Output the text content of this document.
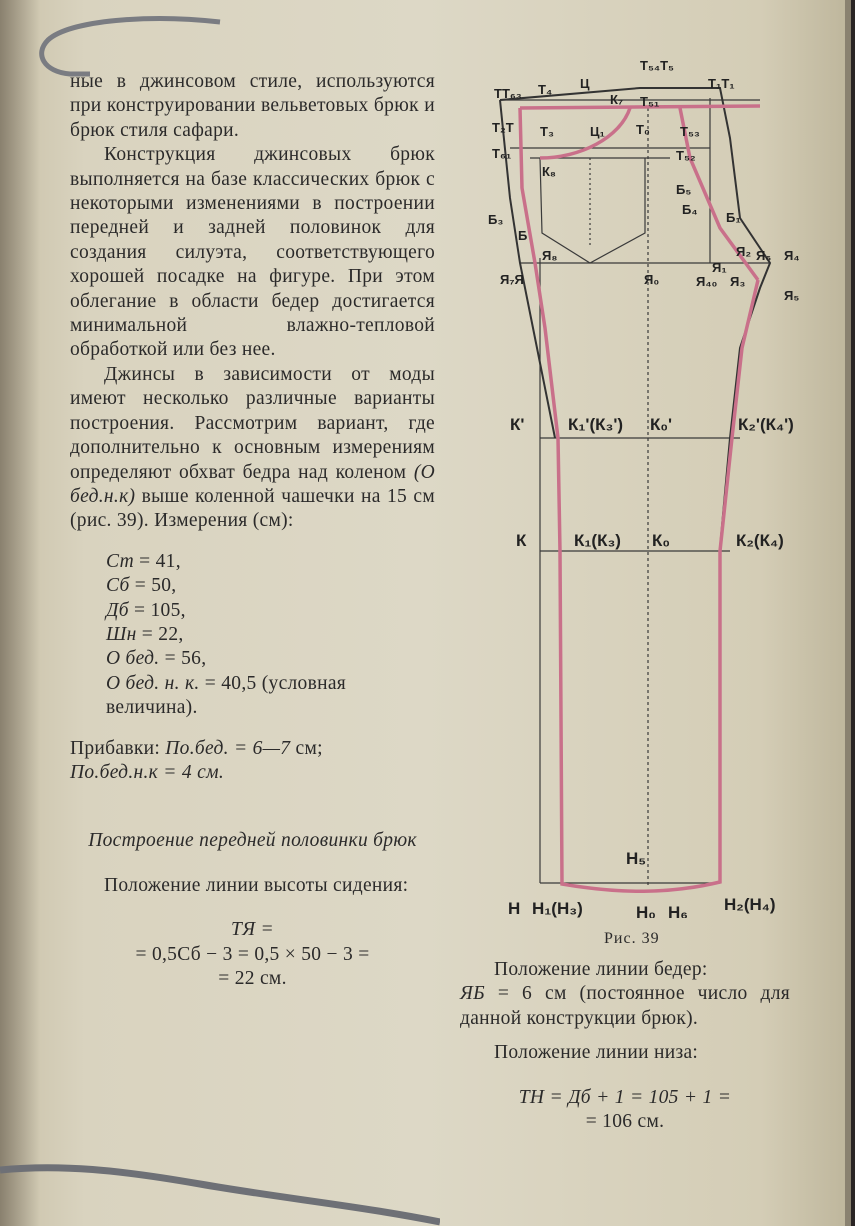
ные в джинсовом стиле, используются при конструировании вельветовых брюк и брюк стиля сафари.

Конструкция джинсовых брюк выполняется на базе классических брюк с некоторыми изменениями в построении передней и задней половинок для создания силуэта, соответствующего хорошей посадке на фигуре. При этом облегание в области бедер достигается минимальной влажно-тепловой обработкой или без нее.

Джинсы в зависимости от моды имеют несколько различные варианты построения. Рассмотрим вариант, где дополнительно к основным измерениям определяют обхват бедра над коленом (О бед.н.к) выше коленной чашечки на 15 см (рис. 39). Измерения (см):

Ст = 41,
Сб = 50,
Дб = 105,
Шн = 22,
О бед. = 56,
О бед. н. к. = 40,5 (условная величина).

Прибавки: По.бед. = 6—7 см;
По.бед.н.к = 4 см.

Построение передней половинки брюк

Положение линии высоты сидения:

ТЯ =
= 0,5Сб − 3 = 0,5 × 50 − 3 =
= 22 см.
Т₅₄Т₅
Т₁Т₁
ТТ₆₃ Т₄ Ц
К₇ Т₅₁
Т₂Т Т₃	Ц₁ Т₀ Т₅₃
Т₆₁	Т₅₂
К₈
Б₅
Б₄
Б₁
Б₃
Б
Я₂ Я₆ Я₄
Я₈
Я₀	Я₄₀ Я₃
Я₁
Я₅
Я₇Я
К'	К₁'(К₃') К₀'	К₂'(К₄')
К	К₁(К₃) К₀	К₂(К₄)
Н₅
Н Н₁(Н₃)	Н₀ Н₆ Н₂(Н₄)
Рис. 39

Положение линии бедер:
ЯБ = 6 см (постоянное число для данной конструкции брюк).

Положение линии низа:

ТН = Дб + 1 = 105 + 1 =
= 106 см.
